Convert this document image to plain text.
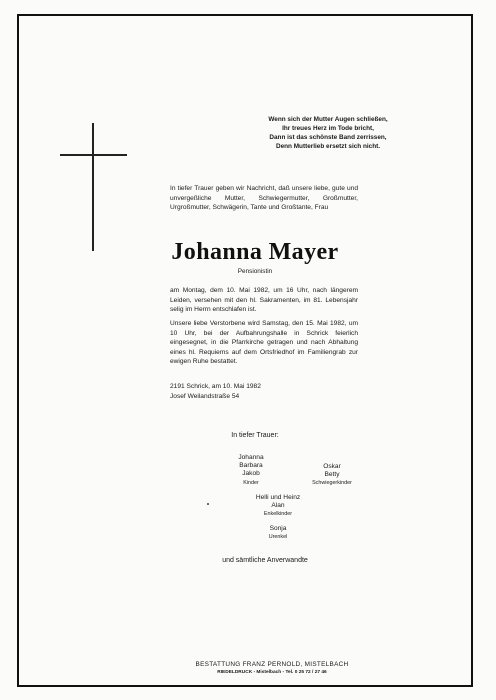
Wenn sich der Mutter Augen schließen,
Ihr treues Herz im Tode bricht,
Dann ist das schönste Band zerrissen,
Denn Mutterlieb ersetzt sich nicht.
In tiefer Trauer geben wir Nachricht, daß unsere liebe, gute und unvergeßliche Mutter, Schwiegermutter, Großmutter, Urgroßmutter, Schwägerin, Tante und Großtante, Frau
Johanna Mayer
Pensionistin
am Montag, dem 10. Mai 1982, um 16 Uhr, nach längerem Leiden, versehen mit den hl. Sakramenten, im 81. Lebensjahr selig im Herrn entschlafen ist.
Unsere liebe Verstorbene wird Samstag, den 15. Mai 1982, um 10 Uhr, bei der Aufbahrungshalle in Schrick feierlich eingesegnet, in die Pfarrkirche getragen und nach Abhaltung eines hl. Requiems auf dem Ortsfriedhof im Familiengrab zur ewigen Ruhe bestattet.
2191 Schrick, am 10. Mai 1982
Josef Weilandstraße 54
In tiefer Trauer:
Johanna
Barbara
Jakob
Kinder
Oskar
Betty
Schwiegerkinder
Helli und Heinz
Alan
Enkelkinder
Sonja
Urenkel
und sämtliche Anverwandte
BESTATTUNG FRANZ PERNOLD, MISTELBACH
RIEDELDRUCK - Mistelbach - Tel. 0 25 72 / 27 46
